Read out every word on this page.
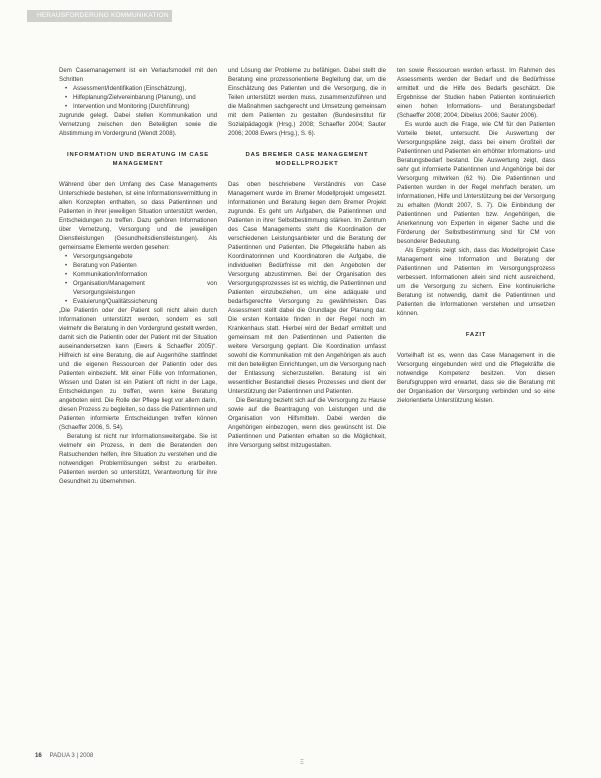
HERAUSFORDERUNG KOMMUNIKATION

Dem Casemanagement ist ein Verlaufsmodell mit den Schritten

• Assessment/Identifikation (Einschätzung),
• Hilfeplanung/Zielvereinbarung (Planung), und
• Intervention und Monitoring (Durchführung)

zugrunde gelegt. Dabei stellen Kommunikation und Vernetzung zwischen den Beteiligten sowie die Abstimmung im Vordergrund (Wendt 2008).

INFORMATION UND BERATUNG IM CASE MANAGEMENT

Während über den Umfang des Case Managements Unterschiede bestehen, ist eine Informationsvermittlung in allen Konzepten enthalten, so dass Patientinnen und Patienten in ihrer jeweiligen Situation unterstützt werden, Entscheidungen zu treffen. Dazu gehören Informationen über Vernetzung, Versorgung und die jeweiligen Dienstleistungen (Gesundheitsdienstleistungen). Als gemeinsame Elemente werden gesehen:

• Versorgungsangebote
• Beratung von Patienten
• Kommunikation/Information
• Organisation/Management von Versorgungsleistungen
• Evaluierung/Qualitätssicherung

„Die Patientin oder der Patient soll nicht allein durch Informationen unterstützt werden, sondern es soll vielmehr die Beratung in den Vordergrund gestellt werden, damit sich die Patientin oder der Patient mit der Situation auseinandersetzen kann (Ewers & Schaeffer 2005)“. Hilfreich ist eine Beratung, die auf Augenhöhe stattfindet und die eigenen Ressourcen der Patientin oder des Patienten einbezieht. Mit einer Fülle von Informationen, Wissen und Daten ist ein Patient oft nicht in der Lage, Entscheidungen zu treffen, wenn keine Beratung angeboten wird. Die Rolle der Pflege liegt vor allem darin, diesen Prozess zu begleiten, so dass die Patientinnen und Patienten informierte Entscheidungen treffen können (Schaeffer 2006, S. 54).

Beratung ist nicht nur Informationsweitergabe. Sie ist vielmehr ein Prozess, in dem die Beratenden den Ratsuchenden helfen, ihre Situation zu verstehen und die notwendigen Problemlösungen selbst zu erarbeiten. Patienten werden so unterstützt, Verantwortung für ihre Gesundheit zu übernehmen.

und Lösung der Probleme zu befähigen. Dabei stellt die Beratung eine prozessorientierte Begleitung dar, um die Einschätzung des Patienten und die Versorgung, die in Teilen unterstützt werden muss, zusammenzuführen und die Maßnahmen sachgerecht und Umsetzung gemeinsam mit dem Patienten zu gestalten (Bundesinstitut für Sozialpädagogik (Hrsg.) 2008; Schaeffer 2004; Sauter 2006; 2008 Ewers (Hrsg.), S. 6).

DAS BREMER CASE MANAGEMENT MODELLPROJEKT

Das oben beschriebene Verständnis von Case Management wurde im Bremer Modellprojekt umgesetzt. Informationen und Beratung liegen dem Bremer Projekt zugrunde. Es geht um Aufgaben, die Patientinnen und Patienten in ihrer Selbstbestimmung stärken. Im Zentrum des Case Managements steht die Koordination der verschiedenen Leistungsanbieter und die Beratung der Patientinnen und Patienten. Die Pflegekräfte haben als Koordinatorinnen und Koordinatoren die Aufgabe, die individuellen Bedürfnisse mit den Angeboten der Versorgung abzustimmen. Bei der Organisation des Versorgungsprozesses ist es wichtig, die Patientinnen und Patienten einzubeziehen, um eine adäquate und bedarfsgerechte Versorgung zu gewährleisten. Das Assessment stellt dabei die Grundlage der Planung dar. Die ersten Kontakte finden in der Regel noch im Krankenhaus statt. Hierbei wird der Bedarf ermittelt und gemeinsam mit den Patientinnen und Patienten die weitere Versorgung geplant. Die Koordination umfasst sowohl die Kommunikation mit den Angehörigen als auch mit den beteiligten Einrichtungen, um die Versorgung nach der Entlassung sicherzustellen. Beratung ist ein wesentlicher Bestandteil dieses Prozesses und dient der Unterstützung der Patientinnen und Patienten.

Die Beratung bezieht sich auf die Versorgung zu Hause sowie auf die Beantragung von Leistungen und die Organisation von Hilfsmitteln. Dabei werden die Angehörigen einbezogen, wenn dies gewünscht ist. Die Patientinnen und Patienten erhalten so die Möglichkeit, ihre Versorgung selbst mitzugestalten.

ten sowie Ressourcen werden erfasst. Im Rahmen des Assessments werden der Bedarf und die Bedürfnisse ermittelt und die Hilfe des Bedarfs geschätzt. Die Ergebnisse der Studien haben Patienten kontinuierlich einen hohen Informations- und Beratungsbedarf (Schaeffer 2008; 2004; Dibelius 2006; Sauter 2006).

Es wurde auch die Frage, wie CM für den Patienten Vorteile bietet, untersucht. Die Auswertung der Versorgungspläne zeigt, dass bei einem Großteil der Patientinnen und Patienten ein erhöhter Informations- und Beratungsbedarf bestand. Die Auswertung zeigt, dass sehr gut informierte Patientinnen und Angehörige bei der Versorgung mitwirken (62 %). Die Patientinnen und Patienten wurden in der Regel mehrfach beraten, um Informationen, Hilfe und Unterstützung bei der Versorgung zu erhalten (Mondt 2007, S. 7). Die Einbindung der Patientinnen und Patienten bzw. Angehörigen, die Anerkennung von Experten in eigener Sache und die Förderung der Selbstbestimmung sind für CM von besonderer Bedeutung.

Als Ergebnis zeigt sich, dass das Modellprojekt Case Management eine Information und Beratung der Patientinnen und Patienten im Versorgungsprozess verbessert. Informationen allein sind nicht ausreichend, um die Versorgung zu sichern. Eine kontinuierliche Beratung ist notwendig, damit die Patientinnen und Patienten die Informationen verstehen und umsetzen können.

FAZIT

Vorteilhaft ist es, wenn das Case Management in die Versorgung eingebunden wird und die Pflegekräfte die notwendige Kompetenz besitzen. Von diesen Berufsgruppen wird erwartet, dass sie die Beratung mit der Organisation der Versorgung verbinden und so eine zielorientierte Unterstützung leisten.

16 PADUA 3 | 2008
Ξ
